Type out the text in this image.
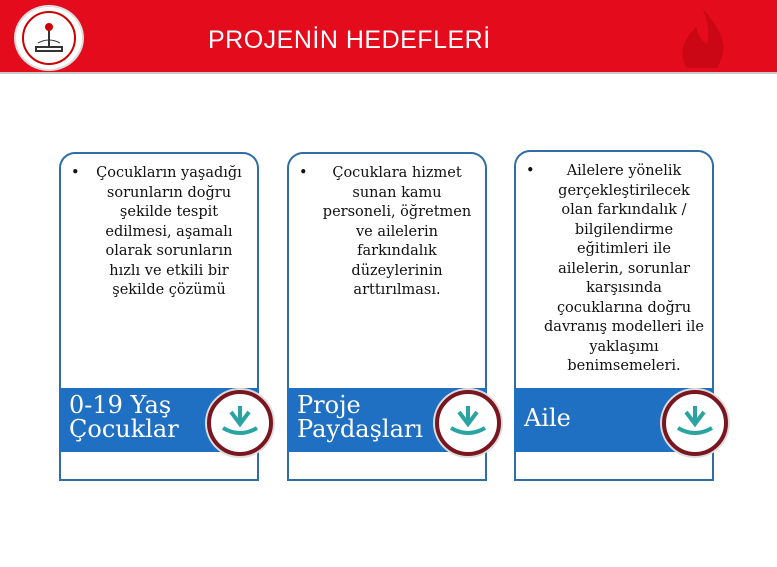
PROJENİN HEDEFLERİ
•	Çocukların yaşadığı sorunların doğru şekilde tespit edilmesi, aşamalı olarak sorunların hızlı ve etkili bir şekilde çözümü
0-19 Yaş
Çocuklar
•	Çocuklara hizmet sunan kamu personeli, öğretmen ve ailelerin farkındalık düzeylerinin arttırılması.
Proje
Paydaşları
•	Ailelere yönelik gerçekleştirilecek olan farkındalık / bilgilendirme eğitimleri ile ailelerin, sorunlar karşısında çocuklarına doğru davranış modelleri ile yaklaşımı benimsemeleri.
Aile
